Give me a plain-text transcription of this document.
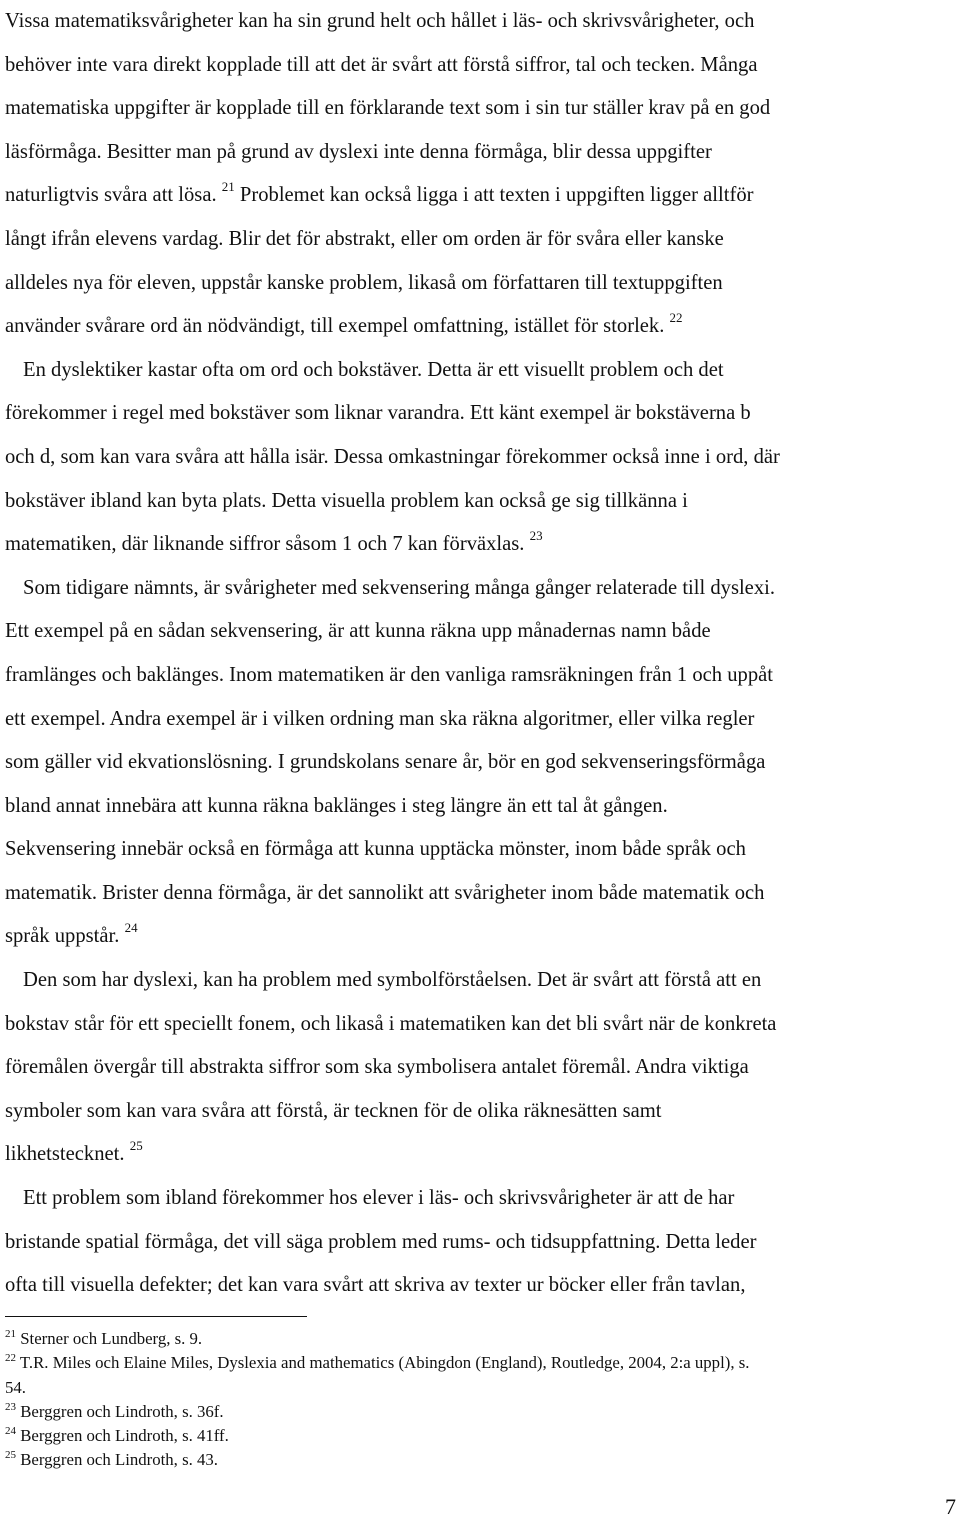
Vissa matematiksvårigheter kan ha sin grund helt och hållet i läs- och skrivsvårigheter, och
behöver inte vara direkt kopplade till att det är svårt att förstå siffror, tal och tecken. Många
matematiska uppgifter är kopplade till en förklarande text som i sin tur ställer krav på en god
läsförmåga. Besitter man på grund av dyslexi inte denna förmåga, blir dessa uppgifter
naturligtvis svåra att lösa. $^{21}$ Problemet kan också ligga i att texten i uppgiften ligger alltför
långt ifrån elevens vardag. Blir det för abstrakt, eller om orden är för svåra eller kanske
alldeles nya för eleven, uppstår kanske problem, likaså om författaren till textuppgiften
använder svårare ord än nödvändigt, till exempel omfattning, istället för storlek. $^{22}$
En dyslektiker kastar ofta om ord och bokstäver. Detta är ett visuellt problem och det
förekommer i regel med bokstäver som liknar varandra. Ett känt exempel är bokstäverna b
och d, som kan vara svåra att hålla isär. Dessa omkastningar förekommer också inne i ord, där
bokstäver ibland kan byta plats. Detta visuella problem kan också ge sig tillkänna i
matematiken, där liknande siffror såsom 1 och 7 kan förväxlas. $^{23}$
Som tidigare nämnts, är svårigheter med sekvensering många gånger relaterade till dyslexi.
Ett exempel på en sådan sekvensering, är att kunna räkna upp månadernas namn både
framlänges och baklänges. Inom matematiken är den vanliga ramsräkningen från 1 och uppåt
ett exempel. Andra exempel är i vilken ordning man ska räkna algoritmer, eller vilka regler
som gäller vid ekvationslösning. I grundskolans senare år, bör en god sekvenseringsförmåga
bland annat innebära att kunna räkna baklänges i steg längre än ett tal åt gången.
Sekvensering innebär också en förmåga att kunna upptäcka mönster, inom både språk och
matematik. Brister denna förmåga, är det sannolikt att svårigheter inom både matematik och
språk uppstår. $^{24}$
Den som har dyslexi, kan ha problem med symbolförståelsen. Det är svårt att förstå att en
bokstav står för ett speciellt fonem, och likaså i matematiken kan det bli svårt när de konkreta
föremålen övergår till abstrakta siffror som ska symbolisera antalet föremål. Andra viktiga
symboler som kan vara svåra att förstå, är tecknen för de olika räknesätten samt
likhetstecknet. $^{25}$
Ett problem som ibland förekommer hos elever i läs- och skrivsvårigheter är att de har
bristande spatial förmåga, det vill säga problem med rums- och tidsuppfattning. Detta leder
ofta till visuella defekter; det kan vara svårt att skriva av texter ur böcker eller från tavlan,
$^{21}$ Sterner och Lundberg, s. 9.
$^{22}$ T.R. Miles och Elaine Miles, Dyslexia and mathematics (Abingdon (England), Routledge, 2004, 2:a uppl), s.
54.
$^{23}$ Berggren och Lindroth, s. 36f.
$^{24}$ Berggren och Lindroth, s. 41ff.
$^{25}$ Berggren och Lindroth, s. 43.
7
